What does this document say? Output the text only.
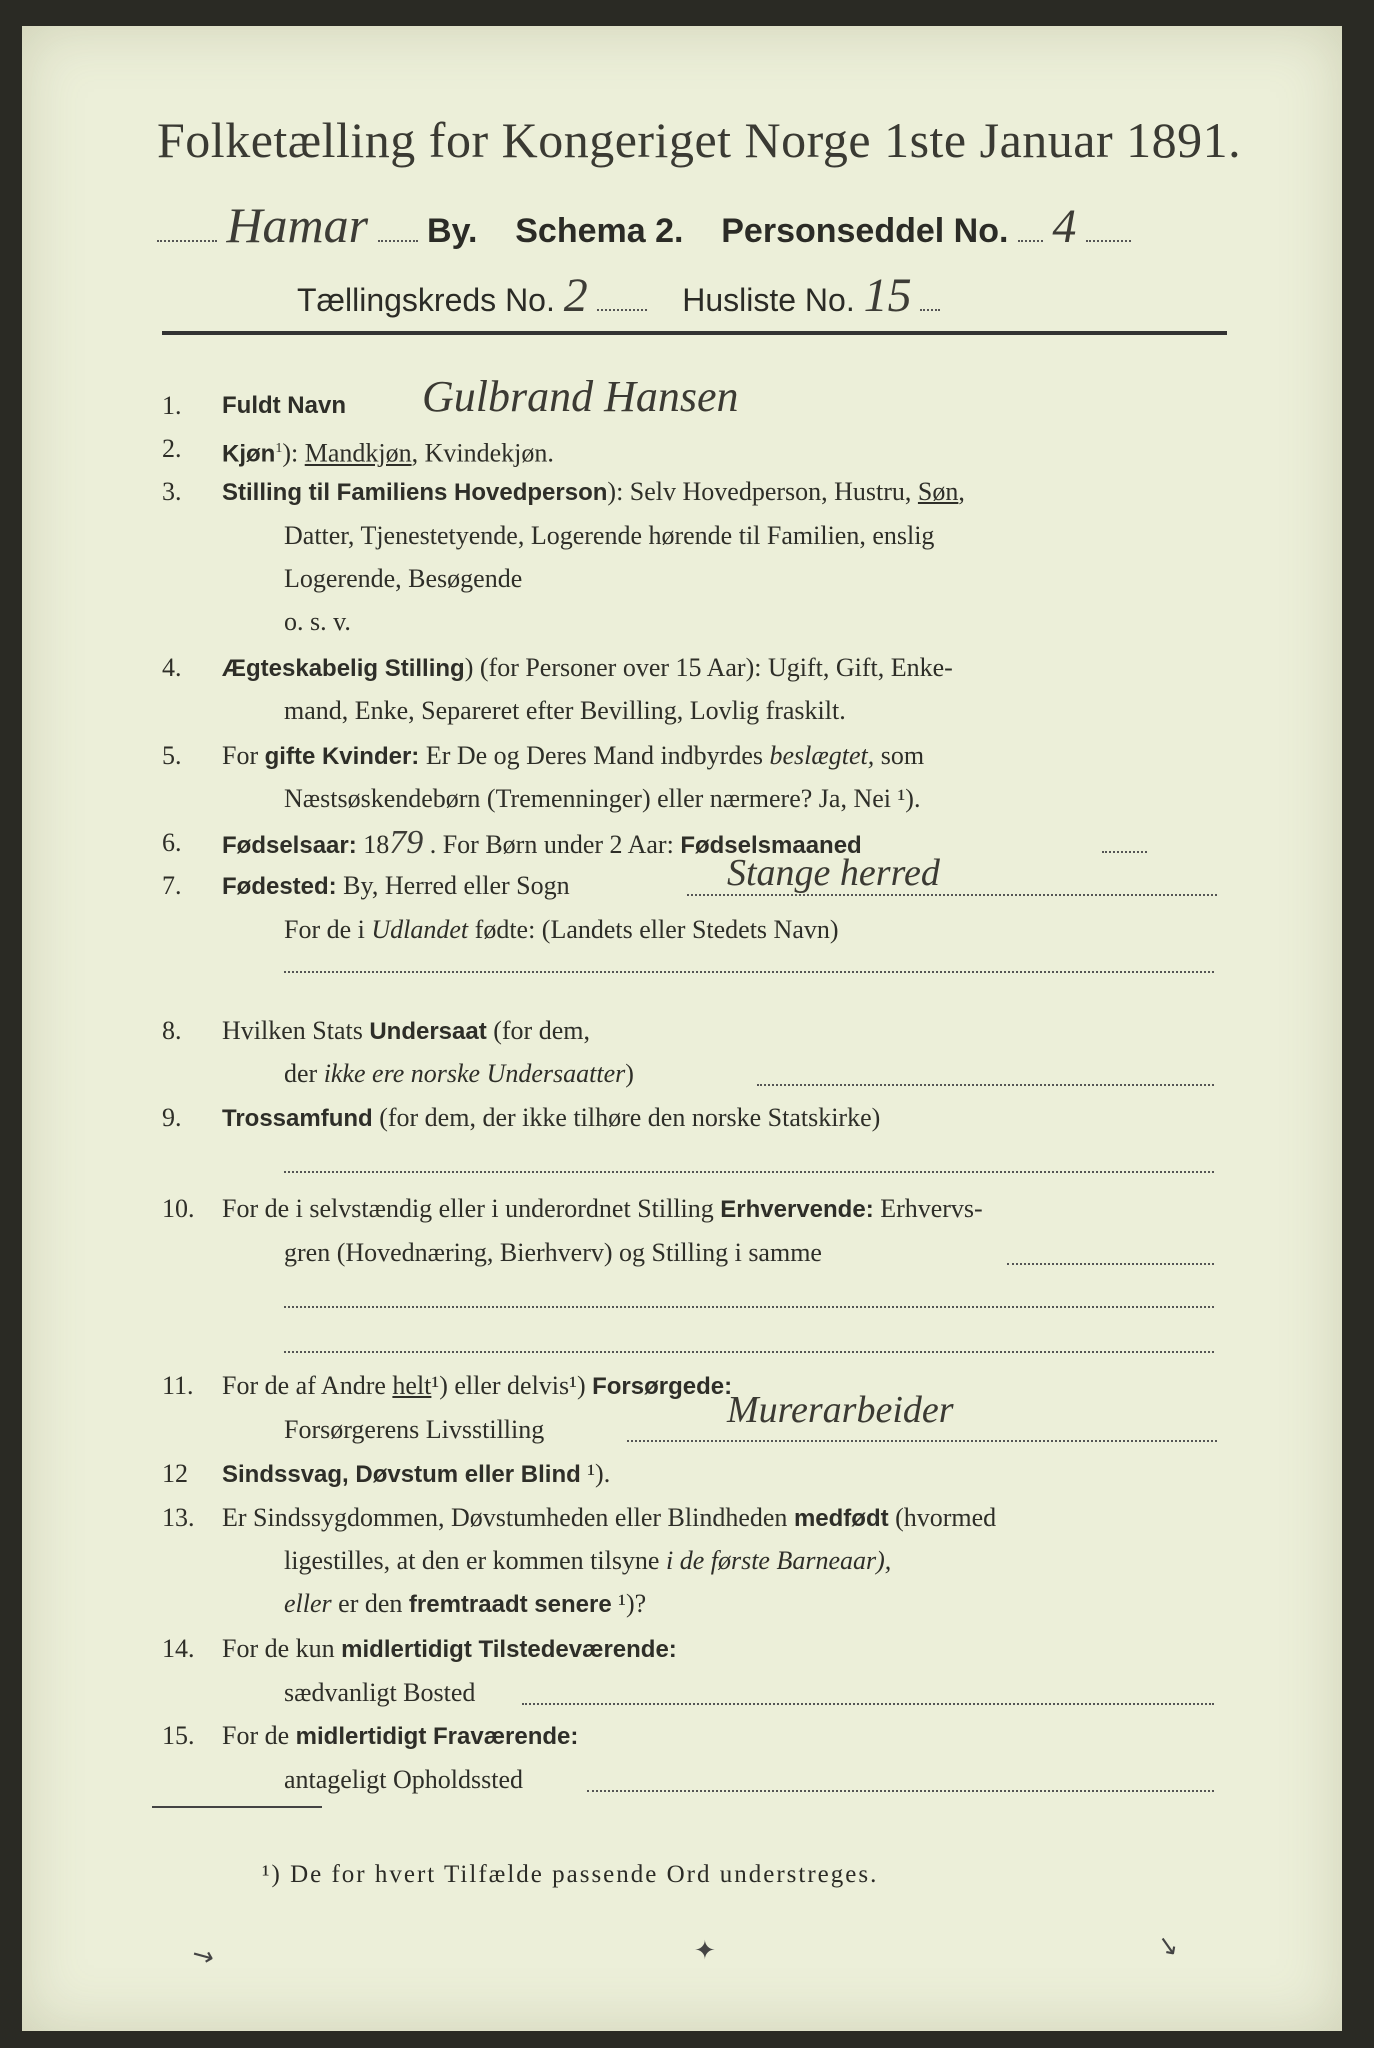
Folketælling for Kongeriget Norge 1ste Januar 1891.
Hamar By. Schema 2. Personseddel No. 4
Tællingskreds No. 2	Husliste No. 15
1.	Fuldt Navn Gulbrand Hansen
2.	Kjøn$^1$): Mandkjøn, Kvindekjøn.
3.	Stilling til Familiens Hovedperson): Selv Hovedperson, Hustru, Søn,
Datter, Tjenestetyende, Logerende hørende til Familien, enslig
Logerende, Besøgende
o. s. v.
4.	Ægteskabelig Stilling) (for Personer over 15 Aar): Ugift, Gift, Enke-
mand, Enke, Separeret efter Bevilling, Lovlig fraskilt.
5.	For gifte Kvinder: Er De og Deres Mand indbyrdes beslægtet, som
Næstsøskendebørn (Tremenninger) eller nærmere? Ja, Nei ¹).
6.	Fødselsaar: 1879 . For Børn under 2 Aar: Fødselsmaaned
7.	Fødested: By, Herred eller Sogn	Stange herred
For de i Udlandet fødte: (Landets eller Stedets Navn)
8.	Hvilken Stats Undersaat (for dem,
der ikke ere norske Undersaatter)
9.	Trossamfund (for dem, der ikke tilhøre den norske Statskirke)
10.	For de i selvstændig eller i underordnet Stilling Erhvervende: Erhvervs-
gren (Hovednæring, Bierhverv) og Stilling i samme
11.	For de af Andre helt¹) eller delvis¹) Forsørgede:
Forsørgerens Livsstilling	Murerarbeider
12	Sindssvag, Døvstum eller Blind ¹).
13.	Er Sindssygdommen, Døvstumheden eller Blindheden medfødt (hvormed
ligestilles, at den er kommen tilsyne i de første Barneaar),
eller er den fremtraadt senere ¹)?
14.	For de kun midlertidigt Tilstedeværende:
sædvanligt Bosted
15.	For de midlertidigt Fraværende:
antageligt Opholdssted
¹) De for hvert Tilfælde passende Ord understreges.
↘	✦	↘
